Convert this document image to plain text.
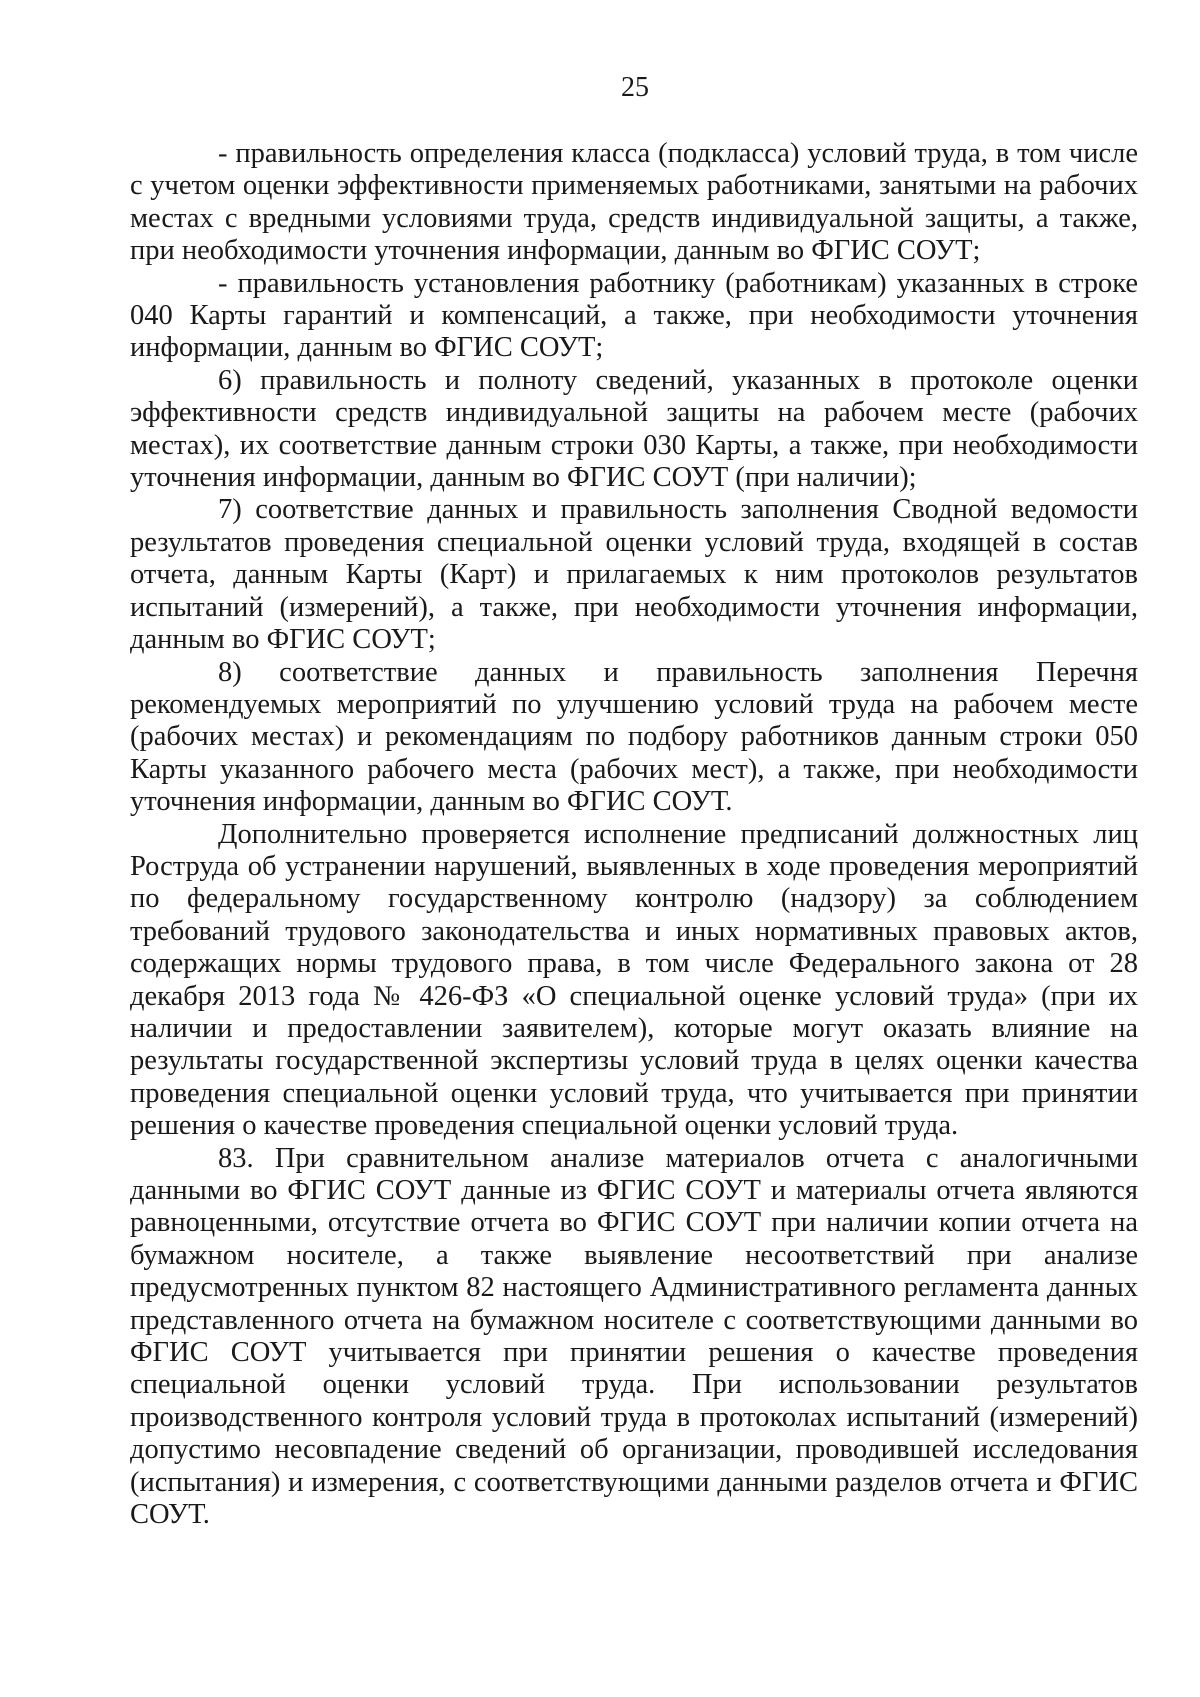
25

- правильность определения класса (подкласса) условий труда, в том числе с учетом оценки эффективности применяемых работниками, занятыми на рабочих местах с вредными условиями труда, средств индивидуальной защиты, а также, при необходимости уточнения информации, данным во ФГИС СОУТ;

- правильность установления работнику (работникам) указанных в строке 040 Карты гарантий и компенсаций, а также, при необходимости уточнения информации, данным во ФГИС СОУТ;

6) правильность и полноту сведений, указанных в протоколе оценки эффективности средств индивидуальной защиты на рабочем месте (рабочих местах), их соответствие данным строки 030 Карты, а также, при необходимости уточнения информации, данным во ФГИС СОУТ (при наличии);

7) соответствие данных и правильность заполнения Сводной ведомости результатов проведения специальной оценки условий труда, входящей в состав отчета, данным Карты (Карт) и прилагаемых к ним протоколов результатов испытаний (измерений), а также, при необходимости уточнения информации, данным во ФГИС СОУТ;

8) соответствие данных и правильность заполнения Перечня рекомендуемых мероприятий по улучшению условий труда на рабочем месте (рабочих местах) и рекомендациям по подбору работников данным строки 050 Карты указанного рабочего места (рабочих мест), а также, при необходимости уточнения информации, данным во ФГИС СОУТ.

Дополнительно проверяется исполнение предписаний должностных лиц Роструда об устранении нарушений, выявленных в ходе проведения мероприятий по федеральному государственному контролю (надзору) за соблюдением требований трудового законодательства и иных нормативных правовых актов, содержащих нормы трудового права, в том числе Федерального закона от 28 декабря 2013 года № 426-ФЗ «О специальной оценке условий труда» (при их наличии и предоставлении заявителем), которые могут оказать влияние на результаты государственной экспертизы условий труда в целях оценки качества проведения специальной оценки условий труда, что учитывается при принятии решения о качестве проведения специальной оценки условий труда.

83. При сравнительном анализе материалов отчета с аналогичными данными во ФГИС СОУТ данные из ФГИС СОУТ и материалы отчета являются равноценными, отсутствие отчета во ФГИС СОУТ при наличии копии отчета на бумажном носителе, а также выявление несоответствий при анализе предусмотренных пунктом 82 настоящего Административного регламента данных представленного отчета на бумажном носителе с соответствующими данными во ФГИС СОУТ учитывается при принятии решения о качестве проведения специальной оценки условий труда. При использовании результатов производственного контроля условий труда в протоколах испытаний (измерений) допустимо несовпадение сведений об организации, проводившей исследования (испытания) и измерения, с соответствующими данными разделов отчета и ФГИС СОУТ.
